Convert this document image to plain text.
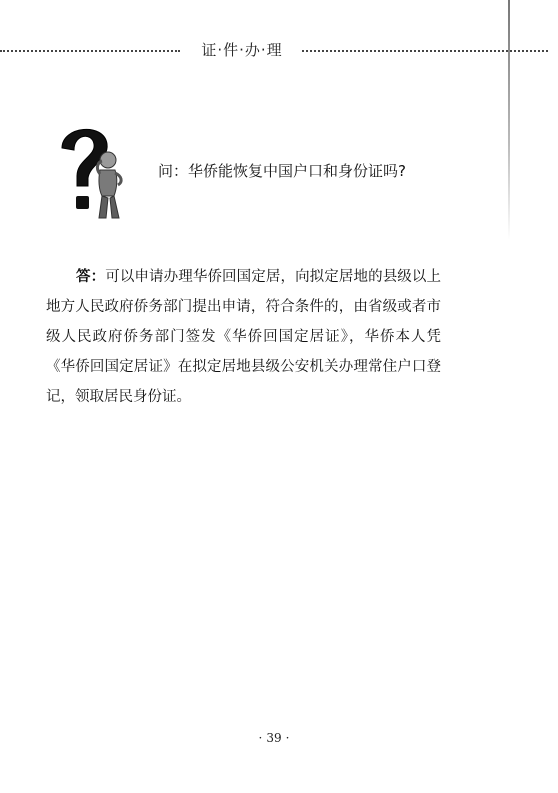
证·件·办·理
问：华侨能恢复中国户口和身份证吗?
答：可以申请办理华侨回国定居，向拟定居地的县级以上地方人民政府侨务部门提出申请，符合条件的，由省级或者市级人民政府侨务部门签发《华侨回国定居证》，华侨本人凭《华侨回国定居证》在拟定居地县级公安机关办理常住户口登记，领取居民身份证。
· 39 ·
